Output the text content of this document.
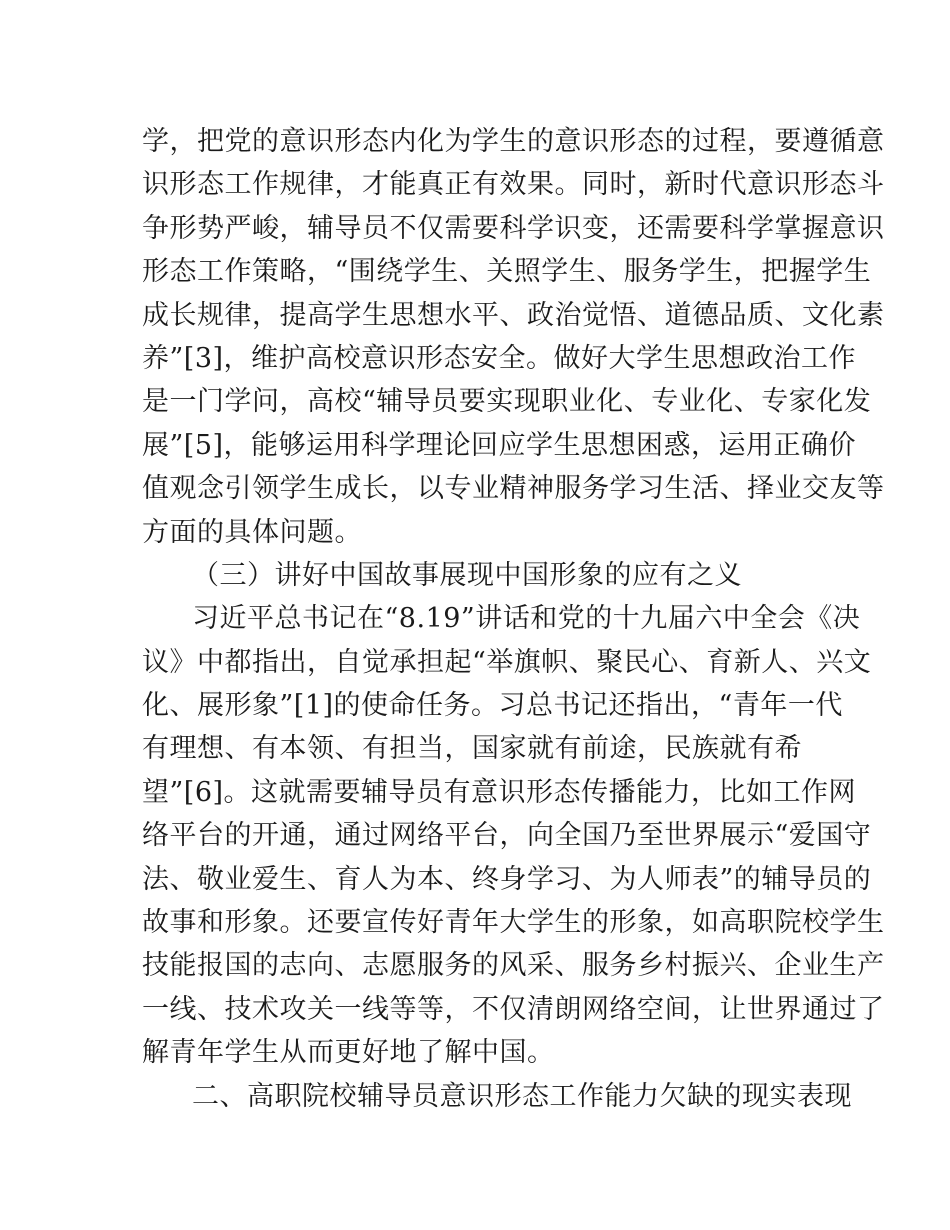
学，把党的意识形态内化为学生的意识形态的过程，要遵循意
识形态工作规律，才能真正有效果。同时，新时代意识形态斗
争形势严峻，辅导员不仅需要科学识变，还需要科学掌握意识
形态工作策略，“围绕学生、关照学生、服务学生，把握学生
成长规律，提高学生思想水平、政治觉悟、道德品质、文化素
养”[3]，维护高校意识形态安全。做好大学生思想政治工作
是一门学问，高校“辅导员要实现职业化、专业化、专家化发
展”[5]，能够运用科学理论回应学生思想困惑，运用正确价
值观念引领学生成长，以专业精神服务学习生活、择业交友等
方面的具体问题。
（三）讲好中国故事展现中国形象的应有之义
习近平总书记在“8.19”讲话和党的十九届六中全会《决
议》中都指出，自觉承担起“举旗帜、聚民心、育新人、兴文
化、展形象”[1]的使命任务。习总书记还指出，“青年一代
有理想、有本领、有担当，国家就有前途，民族就有希
望”[6]。这就需要辅导员有意识形态传播能力，比如工作网
络平台的开通，通过网络平台，向全国乃至世界展示“爱国守
法、敬业爱生、育人为本、终身学习、为人师表”的辅导员的
故事和形象。还要宣传好青年大学生的形象，如高职院校学生
技能报国的志向、志愿服务的风采、服务乡村振兴、企业生产
一线、技术攻关一线等等，不仅清朗网络空间，让世界通过了
解青年学生从而更好地了解中国。
二、高职院校辅导员意识形态工作能力欠缺的现实表现
